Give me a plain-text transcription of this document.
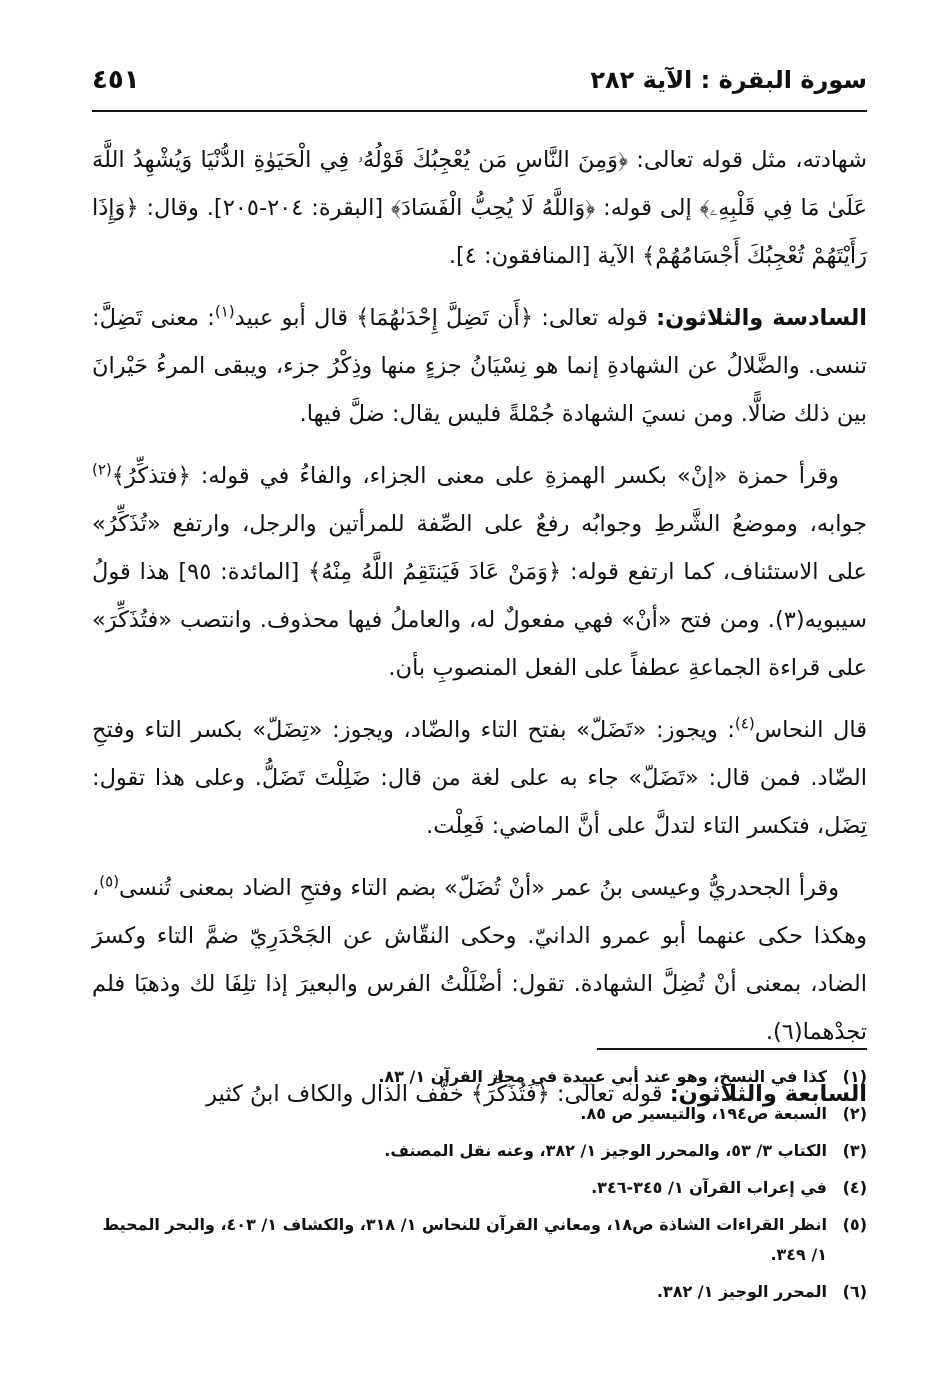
سورة البقرة : الآية ٢٨٢
٤٥١

شهادته، مثل قوله تعالى: ﴿وَمِنَ النَّاسِ مَن يُعْجِبُكَ قَوْلُهُۥ فِي الْحَيَوٰةِ الدُّنْيَا وَيُشْهِدُ اللَّهَ عَلَىٰ مَا فِي قَلْبِهِۦ﴾ إلى قوله: ﴿وَاللَّهُ لَا يُحِبُّ الْفَسَادَ﴾ [البقرة: ٢٠٤-٢٠٥]. وقال: ﴿وَإِذَا رَأَيْتَهُمْ تُعْجِبُكَ أَجْسَامُهُمْ﴾ الآية [المنافقون: ٤].

السادسة والثلاثون: قوله تعالى: ﴿أَن تَضِلَّ إِحْدَىٰهُمَا﴾ قال أبو عبيد$^{(١)}$: معنى تَضِلَّ: تنسى. والضَّلالُ عن الشهادةِ إنما هو نِسْيَانُ جزءٍ منها وذِكْرُ جزء، ويبقى المرءُ حَيْرانَ بين ذلك ضالًّا. ومن نسيَ الشهادة جُمْلةً فليس يقال: ضلَّ فيها.

وقرأ حمزة «إنْ» بكسر الهمزةِ على معنى الجزاء، والفاءُ في قوله: ﴿فتذكِّرُ﴾$^{(٢)}$ جوابه، وموضعُ الشَّرطِ وجوابُه رفعٌ على الصِّفة للمرأتين والرجل، وارتفع «تُذَكِّرُ» على الاستئناف، كما ارتفع قوله: ﴿وَمَنْ عَادَ فَيَنتَقِمُ اللَّهُ مِنْهُ﴾ [المائدة: ٩٥] هذا قولُ سيبويه(٣). ومن فتح «أنْ» فهي مفعولٌ له، والعاملُ فيها محذوف. وانتصب «فتُذَكِّرَ» على قراءة الجماعةِ عطفاً على الفعل المنصوبِ بأن.

قال النحاس$^{(٤)}$: ويجوز: «تَضَلّ» بفتح التاء والضّاد، ويجوز: «تِضَلّ» بكسر التاء وفتحِ الضّاد. فمن قال: «تَضَلّ» جاء به على لغة من قال: ضَلِلْتَ تَضَلُّ. وعلى هذا تقول: تِضَل، فتكسر التاء لتدلَّ على أنَّ الماضي: فَعِلْت.

وقرأ الجحدريُّ وعيسى بنُ عمر «أنْ تُضَلّ» بضم التاء وفتحِ الضاد بمعنى تُنسى$^{(٥)}$، وهكذا حكى عنهما أبو عمرو الدانيّ. وحكى النقّاش عن الجَحْدَرِيّ ضمَّ التاء وكسرَ الضاد، بمعنى أنْ تُضِلَّ الشهادة. تقول: أضْلَلْتُ الفرس والبعيرَ إذا تلِفَا لك وذهبَا فلم تجدْهما(٦).

السابعة والثلاثون: قوله تعالى: ﴿فَتُذَكِّرَ﴾ خفَّف الذال والكاف ابنُ كثير

(١)
كذا في النسخ، وهو عند أبي عبيدة في مجاز القرآن ١/ ٨٣.
(٢)
السبعة ص١٩٤، والتيسير ص ٨٥.
(٣)
الكتاب ٣/ ٥٣، والمحرر الوجيز ١/ ٣٨٢، وعنه نقل المصنف.
(٤)
في إعراب القرآن ١/ ٣٤٥-٣٤٦.
(٥)
انظر القراءات الشاذة ص١٨، ومعاني القرآن للنحاس ١/ ٣١٨، والكشاف ١/ ٤٠٣، والبحر المحيط ١/ ٣٤٩.
(٦)
المحرر الوجيز ١/ ٣٨٢.
